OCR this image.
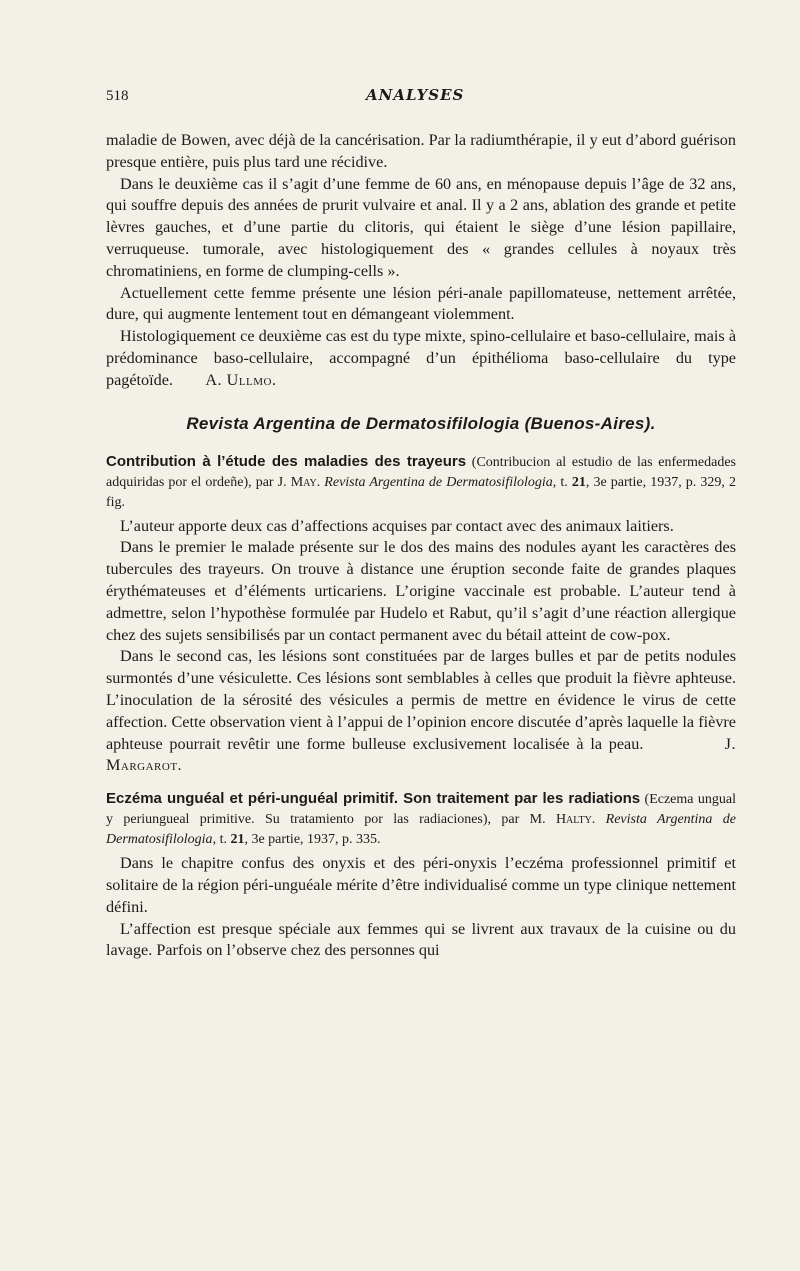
518	ANALYSES

maladie de Bowen, avec déjà de la cancérisation. Par la radiumthérapie, il y eut d’abord guérison presque entière, puis plus tard une récidive.

Dans le deuxième cas il s’agit d’une femme de 60 ans, en ménopause depuis l’âge de 32 ans, qui souffre depuis des années de prurit vulvaire et anal. Il y a 2 ans, ablation des grande et petite lèvres gauches, et d’une partie du clitoris, qui étaient le siège d’une lésion papillaire, verruqueuse. tumorale, avec histologiquement des « grandes cellules à noyaux très chromatiniens, en forme de clumping-cells ».

Actuellement cette femme présente une lésion péri-anale papillomateuse, nettement arrêtée, dure, qui augmente lentement tout en démangeant violemment.

Histologiquement ce deuxième cas est du type mixte, spino-cellulaire et baso-cellulaire, mais à prédominance baso-cellulaire, accompagné d’un épithélioma baso-cellulaire du type pagétoïde. A. Ullmo.

Revista Argentina de Dermatosifilologia (Buenos-Aires).
Contribution à l’étude des maladies des trayeurs (Contribucion al estudio de las enfermedades adquiridas por el ordeñe), par J. May. Revista Argentina de Dermatosifilologia, t. 21, 3e partie, 1937, p. 329, 2 fig.

L’auteur apporte deux cas d’affections acquises par contact avec des animaux laitiers.

Dans le premier le malade présente sur le dos des mains des nodules ayant les caractères des tubercules des trayeurs. On trouve à distance une éruption seconde faite de grandes plaques érythémateuses et d’éléments urticariens. L’origine vaccinale est probable. L’auteur tend à admettre, selon l’hypothèse formulée par Hudelo et Rabut, qu’il s’agit d’une réaction allergique chez des sujets sensibilisés par un contact permanent avec du bétail atteint de cow-pox.

Dans le second cas, les lésions sont constituées par de larges bulles et par de petits nodules surmontés d’une vésiculette. Ces lésions sont semblables à celles que produit la fièvre aphteuse. L’inoculation de la sérosité des vésicules a permis de mettre en évidence le virus de cette affection. Cette observation vient à l’appui de l’opinion encore discutée d’après laquelle la fièvre aphteuse pourrait revêtir une forme bulleuse exclusivement localisée à la peau.	J. Margarot.

Eczéma unguéal et péri-unguéal primitif. Son traitement par les radiations (Eczema ungual y periungueal primitive. Su tratamiento por las radiaciones), par M. Halty. Revista Argentina de Dermatosifilologia, t. 21, 3e partie, 1937, p. 335.

Dans le chapitre confus des onyxis et des péri-onyxis l’eczéma professionnel primitif et solitaire de la région péri-unguéale mérite d’être individualisé comme un type clinique nettement défini.

L’affection est presque spéciale aux femmes qui se livrent aux travaux de la cuisine ou du lavage. Parfois on l’observe chez des personnes qui
